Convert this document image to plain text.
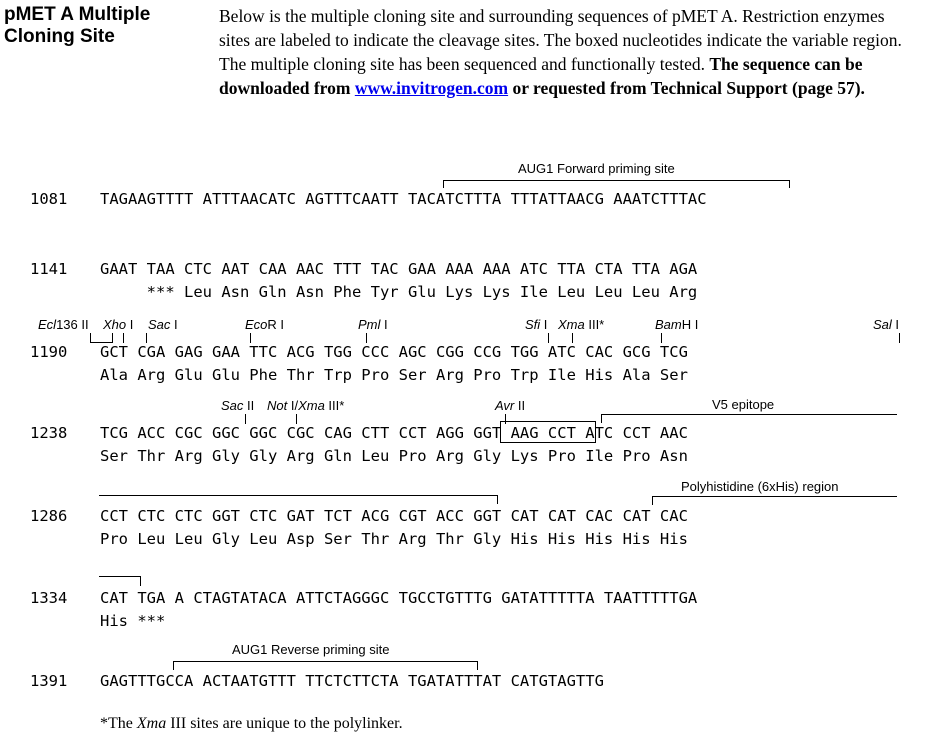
pMET A Multiple
Cloning Site
Below is the multiple cloning site and surrounding sequences of pMET A. Restriction enzymes sites are labeled to indicate the cleavage sites. The boxed nucleotides indicate the variable region. The multiple cloning site has been sequenced and functionally tested. The sequence can be downloaded from www.invitrogen.com or requested from Technical Support (page 57).
AUG1 Forward priming site
1081 TAGAAGTTTT ATTTAACATC AGTTTCAATT TACATCTTTA TTTATTAACG AAATCTTTAC
1141 GAAT TAA CTC AAT CAA AAC TTT TAC GAA AAA AAA ATC TTA CTA TTA AGA
*** Leu Asn Gln Asn Phe Tyr Glu Lys Lys Ile Leu Leu Leu Arg
Ecl136 II Xho I Sac I	EcoR I	Pml I	Sfi I Xma III*	BamH I	Sal I
1190 GCT CGA GAG GAA TTC ACG TGG CCC AGC CGG CCG TGG ATC CAC GCG TCG
Ala Arg Glu Glu Phe Thr Trp Pro Ser Arg Pro Trp Ile His Ala Ser
Sac II Not I/Xma III*	Avr II	V5 epitope
1238 TCG ACC CGC GGC GGC CGC CAG CTT CCT AGG GGT AAG CCT ATC CCT AAC
Ser Thr Arg Gly Gly Arg Gln Leu Pro Arg Gly Lys Pro Ile Pro Asn
Polyhistidine (6xHis) region
1286 CCT CTC CTC GGT CTC GAT TCT ACG CGT ACC GGT CAT CAT CAC CAT CAC
Pro Leu Leu Gly Leu Asp Ser Thr Arg Thr Gly His His His His His
1334 CAT TGA A CTAGTATACA ATTCTAGGGC TGCCTGTTTG GATATTTTTA TAATTTTTGA
His ***
AUG1 Reverse priming site
1391 GAGTTTGCCA ACTAATGTTT TTCTCTTCTA TGATATTTAT CATGTAGTTG
*The Xma III sites are unique to the polylinker.
